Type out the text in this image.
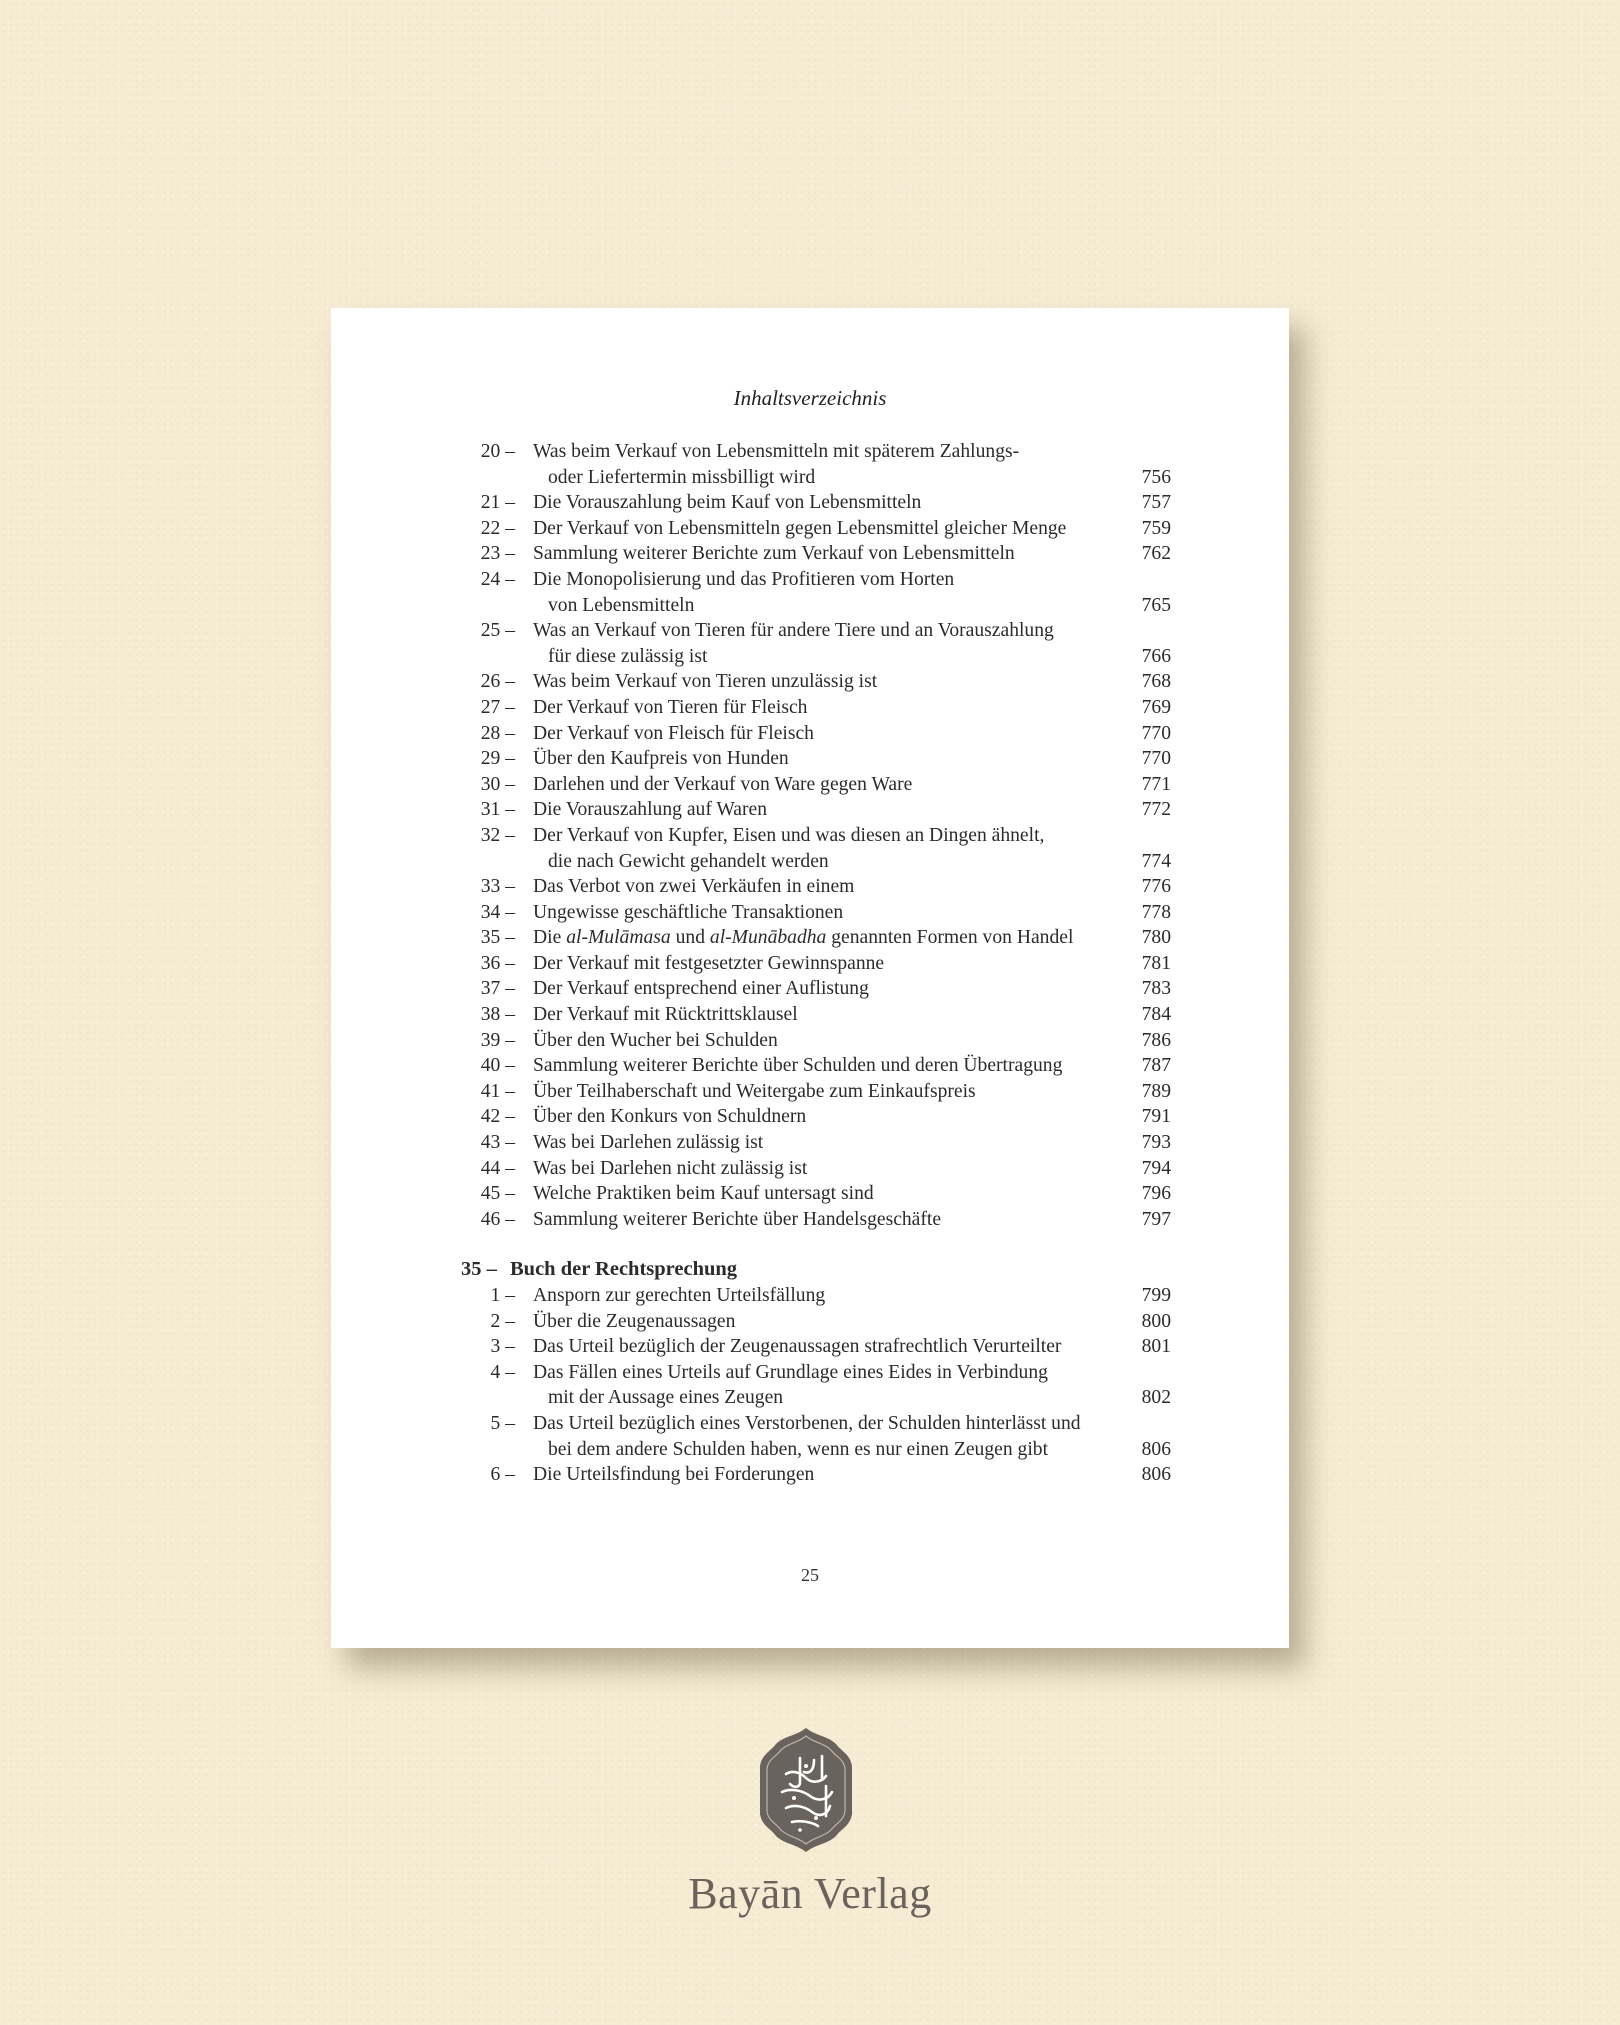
Inhaltsverzeichnis
20 – Was beim Verkauf von Lebensmitteln mit späterem Zahlungs-
oder Liefertermin missbilligt wird	756
21 – Die Vorauszahlung beim Kauf von Lebensmitteln	757
22 – Der Verkauf von Lebensmitteln gegen Lebensmittel gleicher Menge	759
23 – Sammlung weiterer Berichte zum Verkauf von Lebensmitteln	762
24 – Die Monopolisierung und das Profitieren vom Horten
von Lebensmitteln	765
25 – Was an Verkauf von Tieren für andere Tiere und an Vorauszahlung
für diese zulässig ist	766
26 – Was beim Verkauf von Tieren unzulässig ist	768
27 – Der Verkauf von Tieren für Fleisch	769
28 – Der Verkauf von Fleisch für Fleisch	770
29 – Über den Kaufpreis von Hunden	770
30 – Darlehen und der Verkauf von Ware gegen Ware	771
31 – Die Vorauszahlung auf Waren	772
32 – Der Verkauf von Kupfer, Eisen und was diesen an Dingen ähnelt,
die nach Gewicht gehandelt werden	774
33 – Das Verbot von zwei Verkäufen in einem	776
34 – Ungewisse geschäftliche Transaktionen	778
35 – Die al-Mulāmasa und al-Munābadha genannten Formen von Handel	780
36 – Der Verkauf mit festgesetzter Gewinnspanne	781
37 – Der Verkauf entsprechend einer Auflistung	783
38 – Der Verkauf mit Rücktrittsklausel	784
39 – Über den Wucher bei Schulden	786
40 – Sammlung weiterer Berichte über Schulden und deren Übertragung	787
41 – Über Teilhaberschaft und Weitergabe zum Einkaufspreis	789
42 – Über den Konkurs von Schuldnern	791
43 – Was bei Darlehen zulässig ist	793
44 – Was bei Darlehen nicht zulässig ist	794
45 – Welche Praktiken beim Kauf untersagt sind	796
46 – Sammlung weiterer Berichte über Handelsgeschäfte	797
35 – Buch der Rechtsprechung
1 – Ansporn zur gerechten Urteilsfällung	799
2 – Über die Zeugenaussagen	800
3 – Das Urteil bezüglich der Zeugenaussagen strafrechtlich Verurteilter	801
4 – Das Fällen eines Urteils auf Grundlage eines Eides in Verbindung
mit der Aussage eines Zeugen	802
5 – Das Urteil bezüglich eines Verstorbenen, der Schulden hinterlässt und
bei dem andere Schulden haben, wenn es nur einen Zeugen gibt	806
6 – Die Urteilsfindung bei Forderungen	806
25
Bayān Verlag
